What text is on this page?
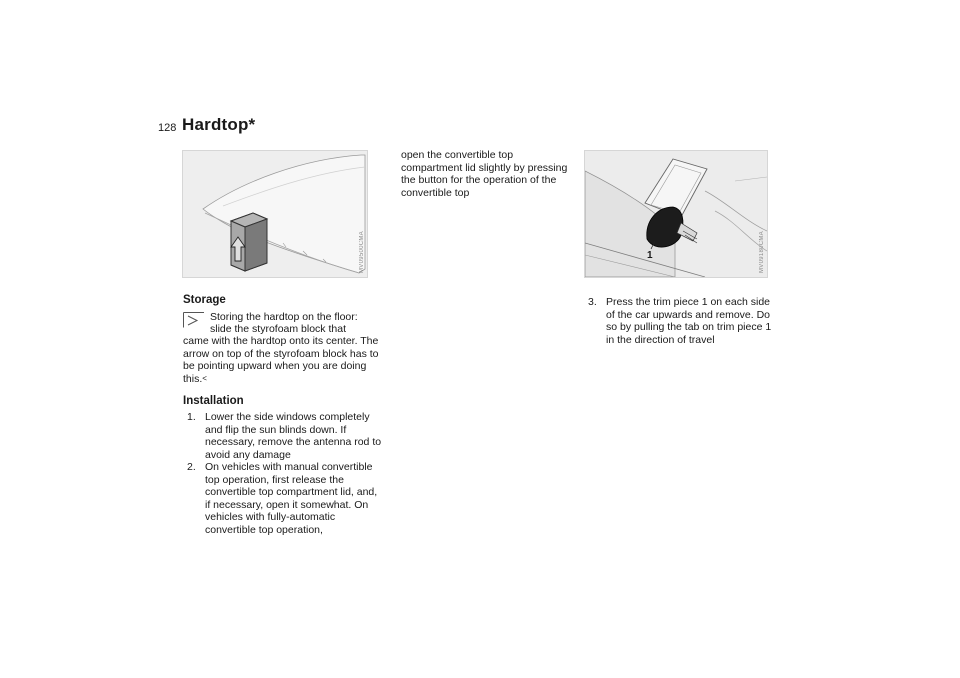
128 Hardtop*
MV09500CMA
Storage
Storing the hardtop on the floor:
slide the styrofoam block that
came with the hardtop onto its center. The arrow on top of the styrofoam block has to be pointing upward when you are doing this.<
Installation
1. Lower the side windows completely and flip the sun blinds down. If necessary, remove the antenna rod to avoid any damage
2. On vehicles with manual convertible top operation, first release the convertible top compartment lid, and, if necessary, open it somewhat. On vehicles with fully-automatic convertible top operation,
open the convertible top compartment lid slightly by pressing the button for the operation of the convertible top
1	MV09180CMA
3. Press the trim piece 1 on each side of the car upwards and remove. Do so by pulling the tab on trim piece 1 in the direction of travel
